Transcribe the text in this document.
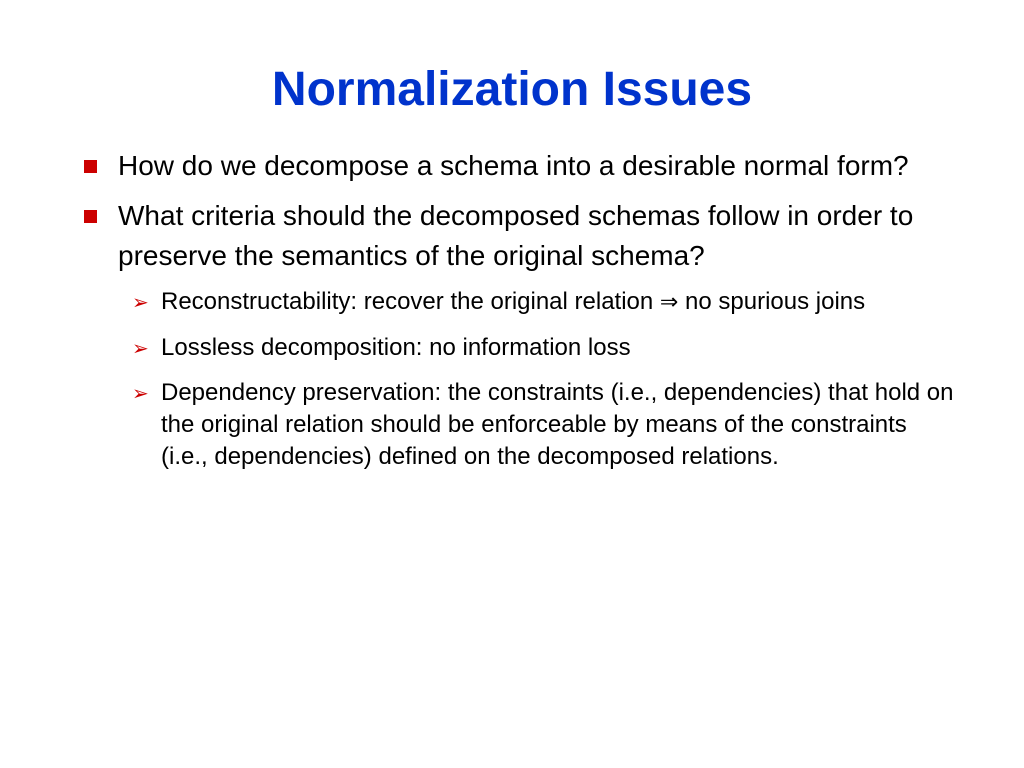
Normalization Issues
How do we decompose a schema into a desirable normal form?
What criteria should the decomposed schemas follow in order to preserve the semantics of the original schema?
➢ Reconstructability: recover the original relation ⇒ no spurious joins
➢ Lossless decomposition: no information loss
➢ Dependency preservation: the constraints (i.e., dependencies) that hold on the original relation should be enforceable by means of the constraints (i.e., dependencies) defined on the decomposed relations.
